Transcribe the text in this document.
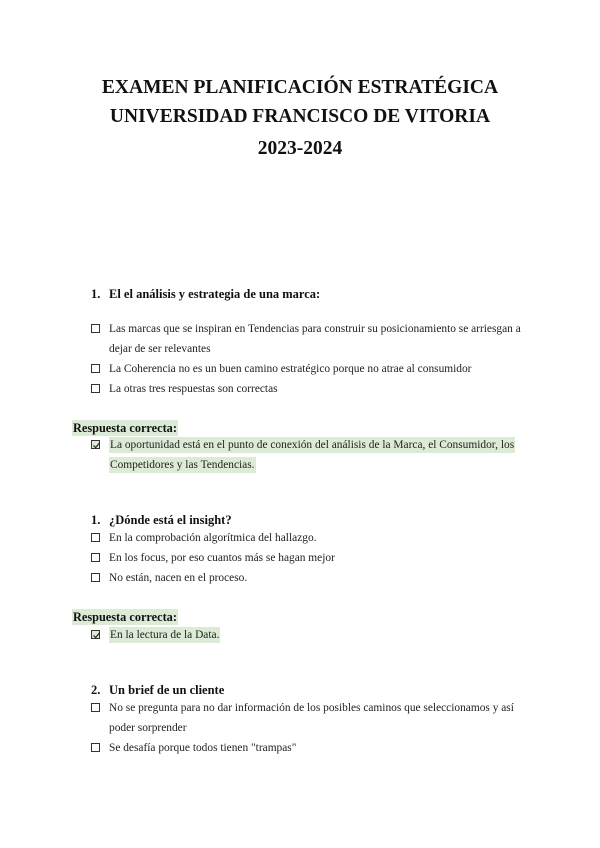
EXAMEN PLANIFICACIÓN ESTRATÉGICA
UNIVERSIDAD FRANCISCO DE VITORIA
2023-2024
1. El el análisis y estrategia de una marca:
Las marcas que se inspiran en Tendencias para construir su posicionamiento se arriesgan a dejar de ser relevantes
La Coherencia no es un buen camino estratégico porque no atrae al consumidor
La otras tres respuestas son correctas
Respuesta correcta:
La oportunidad está en el punto de conexión del análisis de la Marca, el Consumidor, los Competidores y las Tendencias.
1. ¿Dónde está el insight?
En la comprobación algorítmica del hallazgo.
En los focus, por eso cuantos más se hagan mejor
No están, nacen en el proceso.
Respuesta correcta:
En la lectura de la Data.
2. Un brief de un cliente
No se pregunta para no dar información de los posibles caminos que seleccionamos y así poder sorprender
Se desafía porque todos tienen "trampas"
